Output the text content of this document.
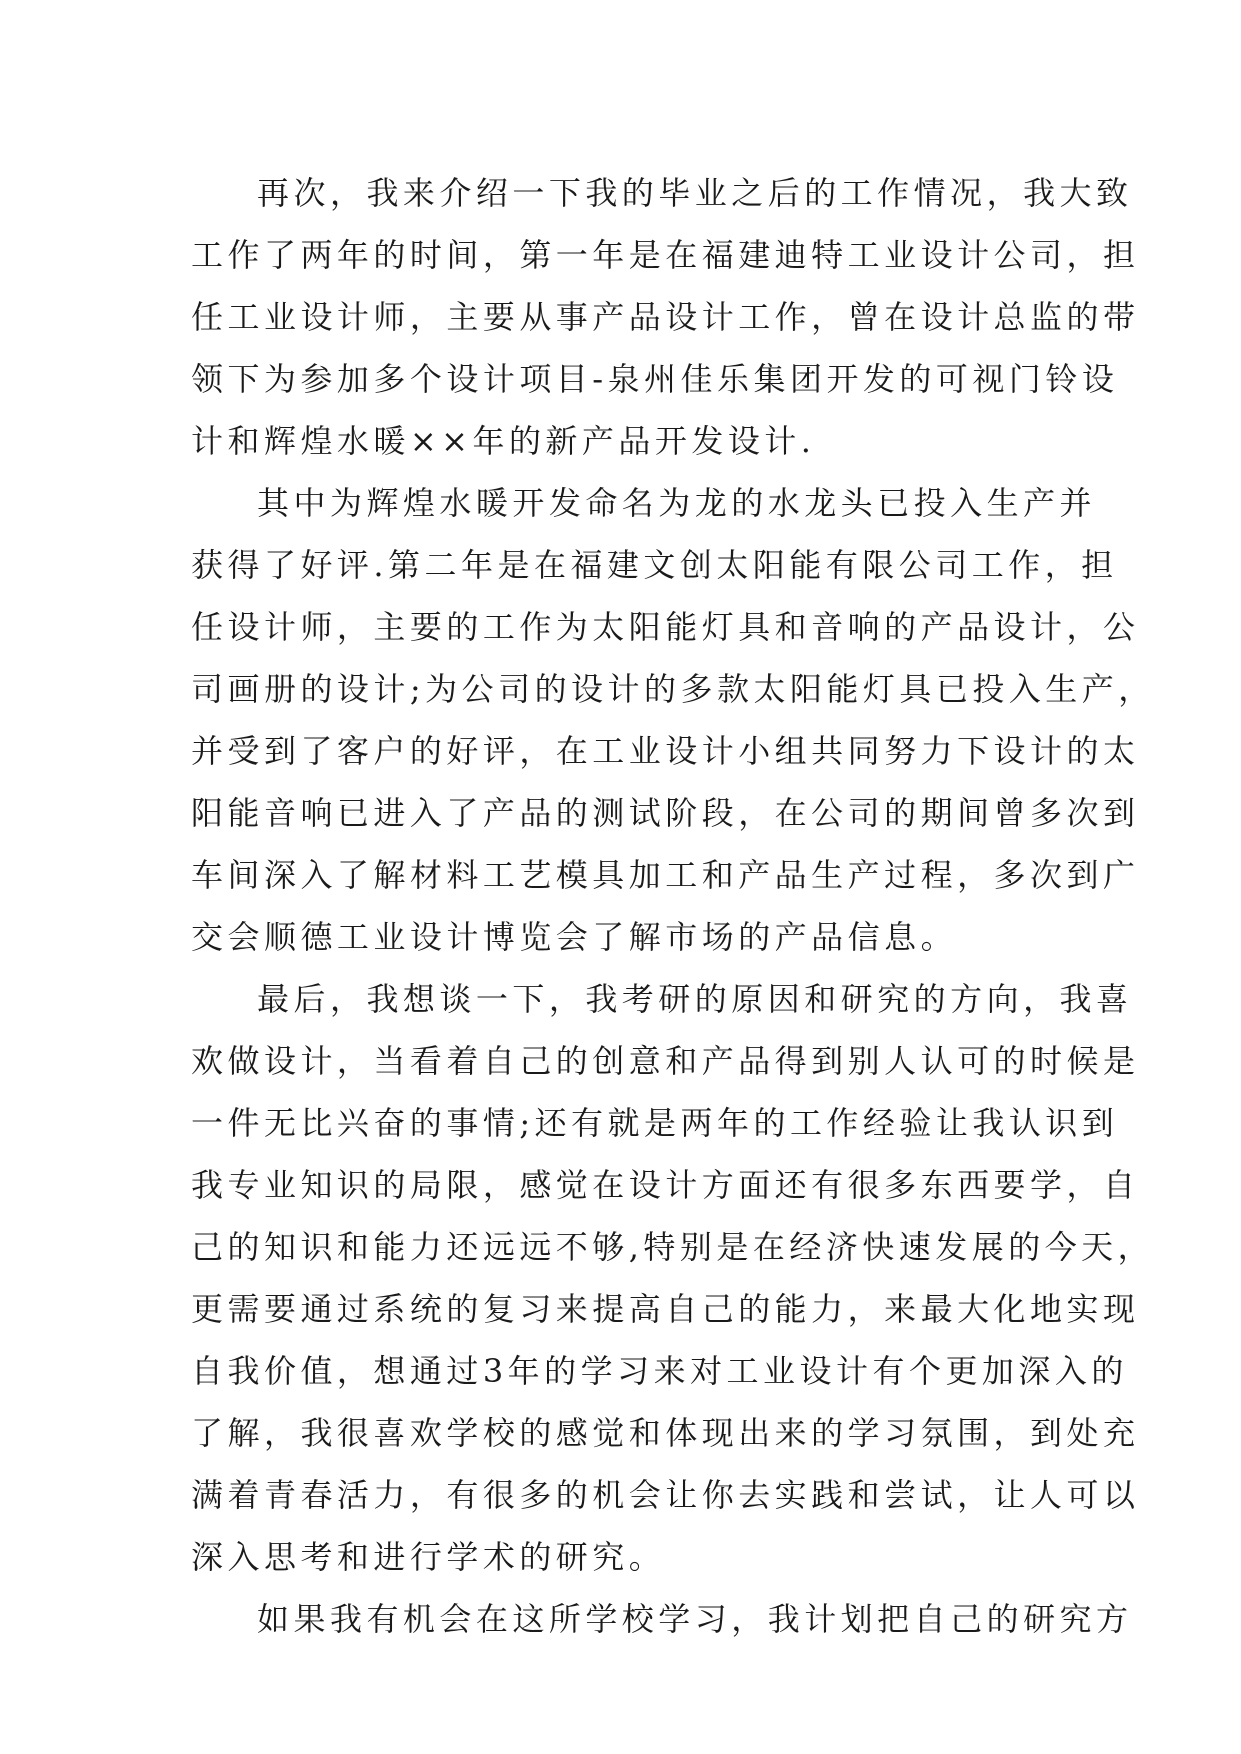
再次，我来介绍一下我的毕业之后的工作情况，我大致
工作了两年的时间，第一年是在福建迪特工业设计公司，担
任工业设计师，主要从事产品设计工作，曾在设计总监的带
领下为参加多个设计项目-泉州佳乐集团开发的可视门铃设
计和辉煌水暖××年的新产品开发设计.
其中为辉煌水暖开发命名为龙的水龙头已投入生产并
获得了好评.第二年是在福建文创太阳能有限公司工作，担
任设计师，主要的工作为太阳能灯具和音响的产品设计，公
司画册的设计;为公司的设计的多款太阳能灯具已投入生产，
并受到了客户的好评，在工业设计小组共同努力下设计的太
阳能音响已进入了产品的测试阶段，在公司的期间曾多次到
车间深入了解材料工艺模具加工和产品生产过程，多次到广
交会顺德工业设计博览会了解市场的产品信息。
最后，我想谈一下，我考研的原因和研究的方向，我喜
欢做设计，当看着自己的创意和产品得到别人认可的时候是
一件无比兴奋的事情;还有就是两年的工作经验让我认识到
我专业知识的局限，感觉在设计方面还有很多东西要学，自
己的知识和能力还远远不够,特别是在经济快速发展的今天，
更需要通过系统的复习来提高自己的能力，来最大化地实现
自我价值，想通过3年的学习来对工业设计有个更加深入的
了解，我很喜欢学校的感觉和体现出来的学习氛围，到处充
满着青春活力，有很多的机会让你去实践和尝试，让人可以
深入思考和进行学术的研究。
如果我有机会在这所学校学习，我计划把自己的研究方
